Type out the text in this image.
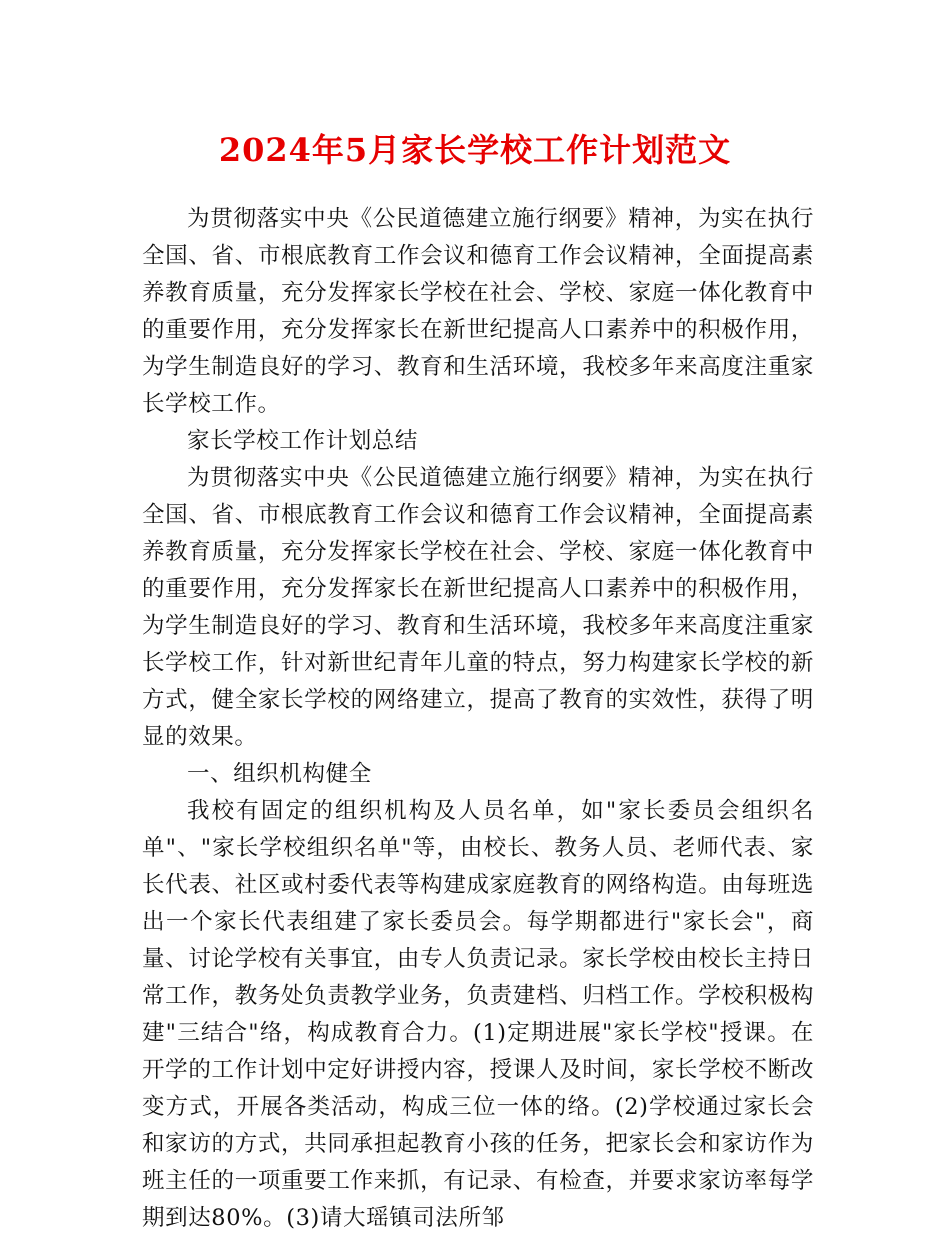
2024年5月家长学校工作计划范文

为贯彻落实中央《公民道德建立施行纲要》精神，为实在执行全国、省、市根底教育工作会议和德育工作会议精神，全面提高素养教育质量，充分发挥家长学校在社会、学校、家庭一体化教育中的重要作用，充分发挥家长在新世纪提高人口素养中的积极作用，为学生制造良好的学习、教育和生活环境，我校多年来高度注重家长学校工作。

家长学校工作计划总结

为贯彻落实中央《公民道德建立施行纲要》精神，为实在执行全国、省、市根底教育工作会议和德育工作会议精神，全面提高素养教育质量，充分发挥家长学校在社会、学校、家庭一体化教育中的重要作用，充分发挥家长在新世纪提高人口素养中的积极作用，为学生制造良好的学习、教育和生活环境，我校多年来高度注重家长学校工作，针对新世纪青年儿童的特点，努力构建家长学校的新方式，健全家长学校的网络建立，提高了教育的实效性，获得了明显的效果。

一、组织机构健全

我校有固定的组织机构及人员名单，如"家长委员会组织名单"、"家长学校组织名单"等，由校长、教务人员、老师代表、家长代表、社区或村委代表等构建成家庭教育的网络构造。由每班选出一个家长代表组建了家长委员会。每学期都进行"家长会"，商量、讨论学校有关事宜，由专人负责记录。家长学校由校长主持日常工作，教务处负责教学业务，负责建档、归档工作。学校积极构建"三结合"络，构成教育合力。(1)定期进展"家长学校"授课。在开学的工作计划中定好讲授内容，授课人及时间，家长学校不断改变方式，开展各类活动，构成三位一体的络。(2)学校通过家长会和家访的方式，共同承担起教育小孩的任务，把家长会和家访作为班主任的一项重要工作来抓，有记录、有检查，并要求家访率每学期到达80%。(3)请大瑶镇司法所邹
